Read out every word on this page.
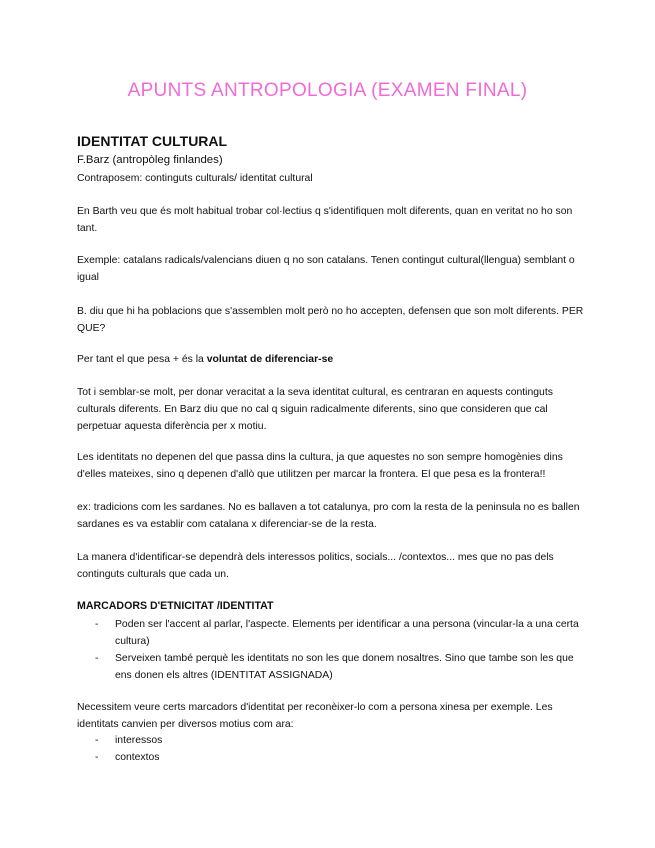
APUNTS ANTROPOLOGIA (EXAMEN FINAL)
IDENTITAT CULTURAL
F.Barz (antropòleg finlandes)
Contraposem: continguts culturals/ identitat cultural
En Barth veu que és molt habitual trobar col·lectius q s'identifiquen molt diferents, quan en veritat no ho son tant.
Exemple: catalans radicals/valencians diuen q no son catalans. Tenen contingut cultural(llengua) semblant o igual
B. diu que hi ha poblacions que s'assemblen molt però no ho accepten, defensen que son molt diferents. PER QUE?
Per tant el que pesa + és la voluntat de diferenciar-se
Tot i semblar-se molt, per donar veracitat a la seva identitat cultural, es centraran en aquests continguts culturals diferents. En Barz diu que no cal q siguin radicalmente diferents, sino que consideren que cal perpetuar aquesta diferència per x motiu.
Les identitats no depenen del que passa dins la cultura, ja que aquestes no son sempre homogènies dins d'elles mateixes, sino q depenen d'allò que utilitzen per marcar la frontera. El que pesa es la frontera!!
ex: tradicions com les sardanes. No es ballaven a tot catalunya, pro com la resta de la peninsula no es ballen sardanes es va establir com catalana x diferenciar-se de la resta.
La manera d'identificar-se dependrà dels interessos politics, socials... /contextos... mes que no pas dels continguts culturals que cada un.
MARCADORS D'ETNICITAT /IDENTITAT
- Poden ser l'accent al parlar, l'aspecte. Elements per identificar a una persona (vincular-la a una certa cultura)
- Serveixen també perquè les identitats no son les que donem nosaltres. Sino que tambe son les que ens donen els altres (IDENTITAT ASSIGNADA)
Necessitem veure certs marcadors d'identitat per reconèixer-lo com a persona xinesa per exemple. Les identitats canvien per diversos motius com ara:
- interessos
- contextos
